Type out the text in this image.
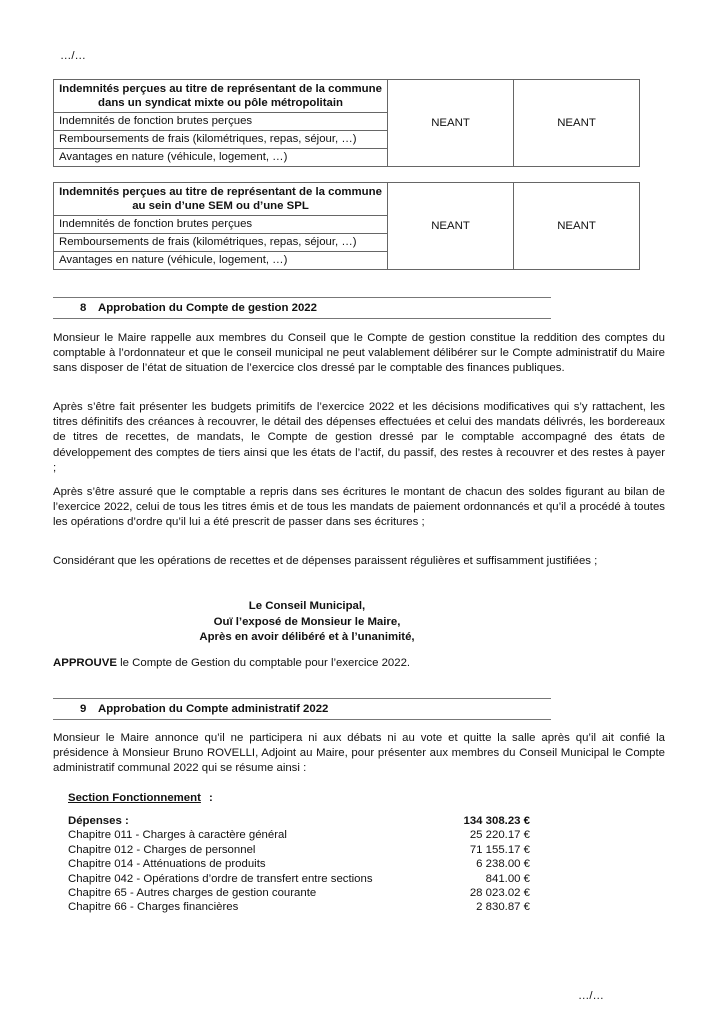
…/…
Indemnités perçues au titre de représentant de la commune dans un syndicat mixte ou pôle métropolitain	NEANT	NEANT
Indemnités de fonction brutes perçues
Remboursements de frais (kilométriques, repas, séjour, …)
Avantages en nature (véhicule, logement, …)
Indemnités perçues au titre de représentant de la commune au sein d’une SEM ou d’une SPL	NEANT	NEANT
Indemnités de fonction brutes perçues
Remboursements de frais (kilométriques, repas, séjour, …)
Avantages en nature (véhicule, logement, …)
8 Approbation du Compte de gestion 2022

Monsieur le Maire rappelle aux membres du Conseil que le Compte de gestion constitue la reddition des comptes du comptable à l’ordonnateur et que le conseil municipal ne peut valablement délibérer sur le Compte administratif du Maire sans disposer de l’état de situation de l’exercice clos dressé par le comptable des finances publiques.

Après s’être fait présenter les budgets primitifs de l’exercice 2022 et les décisions modificatives qui s’y rattachent, les titres définitifs des créances à recouvrer, le détail des dépenses effectuées et celui des mandats délivrés, les bordereaux de titres de recettes, de mandats, le Compte de gestion dressé par le comptable accompagné des états de développement des comptes de tiers ainsi que les états de l’actif, du passif, des restes à recouvrer et des restes à payer ;

Après s’être assuré que le comptable a repris dans ses écritures le montant de chacun des soldes figurant au bilan de l’exercice 2022, celui de tous les titres émis et de tous les mandats de paiement ordonnancés et qu’il a procédé à toutes les opérations d’ordre qu’il lui a été prescrit de passer dans ses écritures ;

Considérant que les opérations de recettes et de dépenses paraissent régulières et suffisamment justifiées ;

Le Conseil Municipal,
Ouï l’exposé de Monsieur le Maire,
Après en avoir délibéré et à l’unanimité,
APPROUVE le Compte de Gestion du comptable pour l’exercice 2022.
9 Approbation du Compte administratif 2022

Monsieur le Maire annonce qu’il ne participera ni aux débats ni au vote et quitte la salle après qu’il ait confié la présidence à Monsieur Bruno ROVELLI, Adjoint au Maire, pour présenter aux membres du Conseil Municipal le Compte administratif communal 2022 qui se résume ainsi :

Section Fonctionnement :
Dépenses :	134 308.23 €
Chapitre 011 - Charges à caractère général	25 220.17 €
Chapitre 012 - Charges de personnel	71 155.17 €
Chapitre 014 - Atténuations de produits	6 238.00 €
Chapitre 042 - Opérations d’ordre de transfert entre sections	841.00 €
Chapitre 65 - Autres charges de gestion courante	28 023.02 €
Chapitre 66 - Charges financières	2 830.87 €
…/…
